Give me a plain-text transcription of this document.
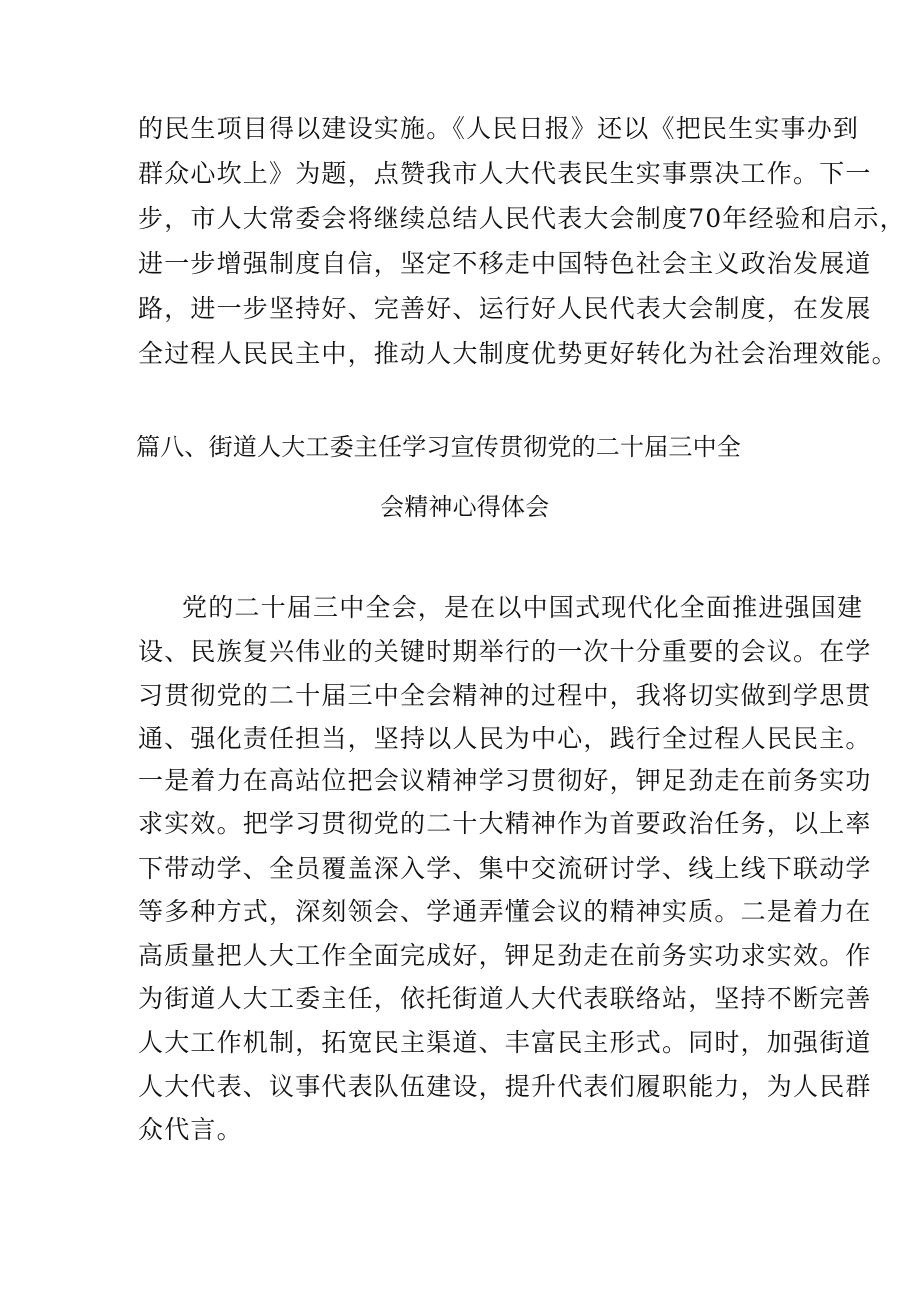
的民生项目得以建设实施。《人民日报》还以《把民生实事办到
群众心坎上》为题，点赞我市人大代表民生实事票决工作。下一
步，市人大常委会将继续总结人民代表大会制度70年经验和启示，
进一步增强制度自信，坚定不移走中国特色社会主义政治发展道
路，进一步坚持好、完善好、运行好人民代表大会制度，在发展
全过程人民民主中，推动人大制度优势更好转化为社会治理效能。
篇八、街道人大工委主任学习宣传贯彻党的二十届三中全
会精神心得体会
党的二十届三中全会，是在以中国式现代化全面推进强国建
设、民族复兴伟业的关键时期举行的一次十分重要的会议。在学
习贯彻党的二十届三中全会精神的过程中，我将切实做到学思贯
通、强化责任担当，坚持以人民为中心，践行全过程人民民主。
一是着力在高站位把会议精神学习贯彻好，钾足劲走在前务实功
求实效。把学习贯彻党的二十大精神作为首要政治任务，以上率
下带动学、全员覆盖深入学、集中交流研讨学、线上线下联动学
等多种方式，深刻领会、学通弄懂会议的精神实质。二是着力在
高质量把人大工作全面完成好，钾足劲走在前务实功求实效。作
为街道人大工委主任，依托街道人大代表联络站，坚持不断完善
人大工作机制，拓宽民主渠道、丰富民主形式。同时，加强街道
人大代表、议事代表队伍建设，提升代表们履职能力，为人民群
众代言。
